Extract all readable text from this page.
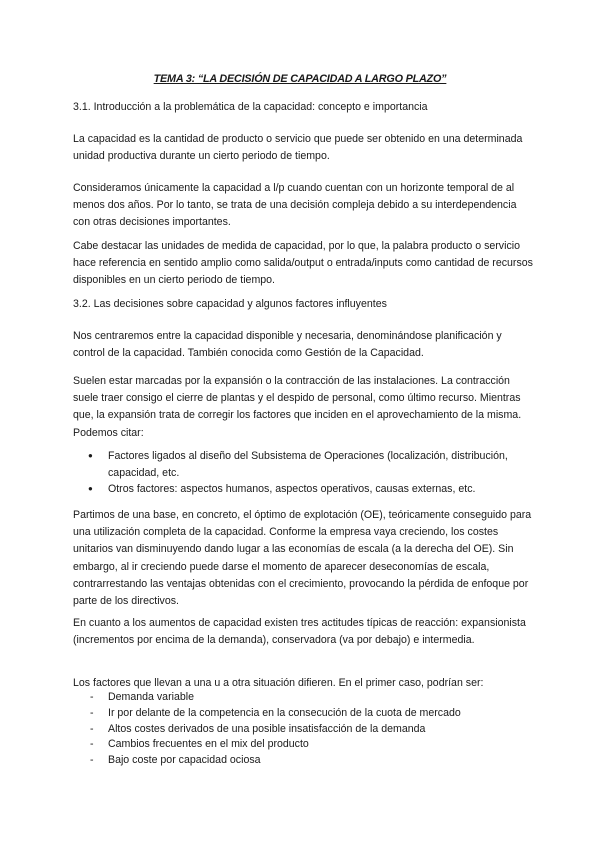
TEMA 3: “LA DECISIÓN DE CAPACIDAD A LARGO PLAZO”

3.1. Introducción a la problemática de la capacidad: concepto e importancia

La capacidad es la cantidad de producto o servicio que puede ser obtenido en una determinada unidad productiva durante un cierto periodo de tiempo.

Consideramos únicamente la capacidad a l/p cuando cuentan con un horizonte temporal de al menos dos años. Por lo tanto, se trata de una decisión compleja debido a su interdependencia con otras decisiones importantes.

Cabe destacar las unidades de medida de capacidad, por lo que, la palabra producto o servicio hace referencia en sentido amplio como salida/output o entrada/inputs como cantidad de recursos disponibles en un cierto periodo de tiempo.

3.2. Las decisiones sobre capacidad y algunos factores influyentes

Nos centraremos entre la capacidad disponible y necesaria, denominándose planificación y control de la capacidad. También conocida como Gestión de la Capacidad.

Suelen estar marcadas por la expansión o la contracción de las instalaciones. La contracción suele traer consigo el cierre de plantas y el despido de personal, como último recurso. Mientras que, la expansión trata de corregir los factores que inciden en el aprovechamiento de la misma. Podemos citar:

● Factores ligados al diseño del Subsistema de Operaciones (localización, distribución, capacidad, etc.
● Otros factores: aspectos humanos, aspectos operativos, causas externas, etc.

Partimos de una base, en concreto, el óptimo de explotación (OE), teóricamente conseguido para una utilización completa de la capacidad. Conforme la empresa vaya creciendo, los costes unitarios van disminuyendo dando lugar a las economías de escala (a la derecha del OE). Sin embargo, al ir creciendo puede darse el momento de aparecer deseconomías de escala, contrarrestando las ventajas obtenidas con el crecimiento, provocando la pérdida de enfoque por parte de los directivos.

En cuanto a los aumentos de capacidad existen tres actitudes típicas de reacción: expansionista (incrementos por encima de la demanda), conservadora (va por debajo) e intermedia.

Los factores que llevan a una u a otra situación difieren. En el primer caso, podrían ser:

- Demanda variable
- Ir por delante de la competencia en la consecución de la cuota de mercado
- Altos costes derivados de una posible insatisfacción de la demanda
- Cambios frecuentes en el mix del producto
- Bajo coste por capacidad ociosa
